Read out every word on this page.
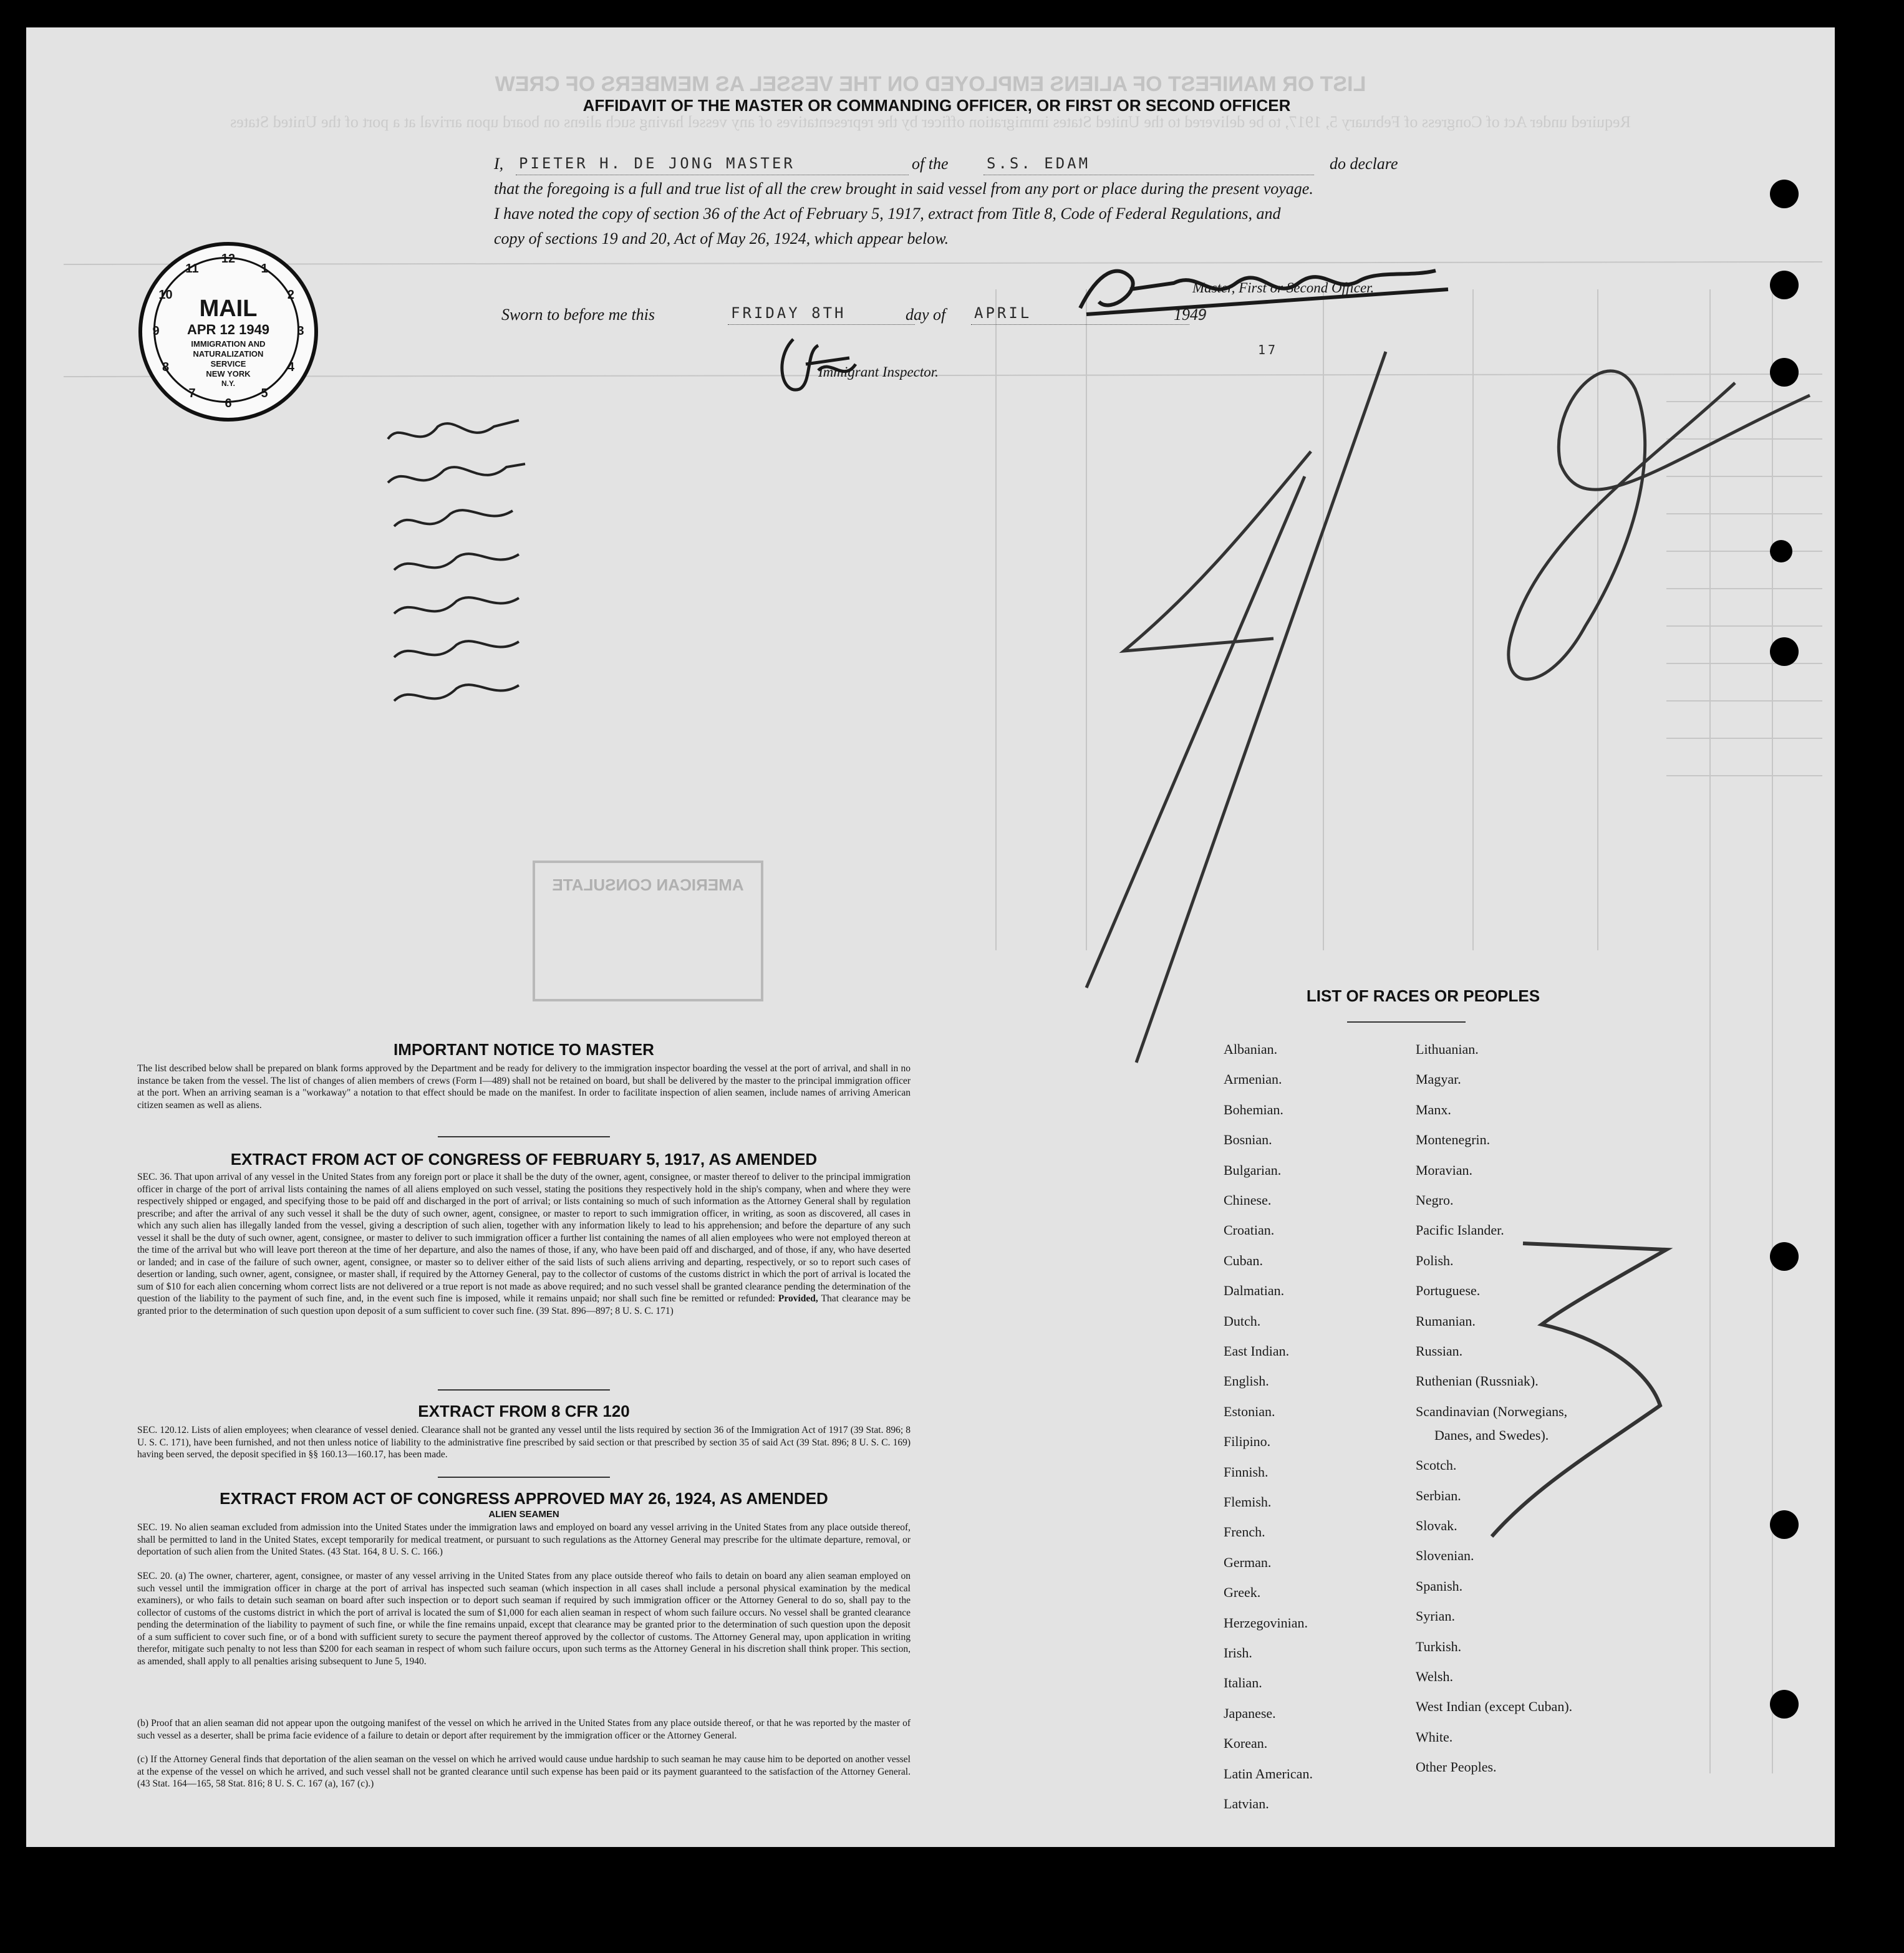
LIST OR MANIFEST OF ALIENS EMPLOYED ON THE VESSEL AS MEMBERS OF CREW
Required under Act of Congress of February 5, 1917, to be delivered to the United States immigration officer by the representatives of any vessel having such aliens on board upon arrival at a port of the United States
AFFIDAVIT OF THE MASTER OR COMMANDING OFFICER, OR FIRST OR SECOND OFFICER
I, PIETER H. DE JONG MASTER	of the	S.S. EDAM	do declare
that the foregoing is a full and true list of all the crew brought in said vessel from any port or place during the present voyage.
I have noted the copy of section 36 of the Act of February 5, 1917, extract from Title 8, Code of Federal Regulations, and
copy of sections 19 and 20, Act of May 26, 1924, which appear below.
Master, First or Second Officer.
Sworn to before me this	FRIDAY 8TH	day of APRIL	1949
Immigrant Inspector.
17
12
1
2
3
4
5
6
7
8
9
10
11
MAIL
APR 12 1949
IMMIGRATION AND
NATURALIZATION
SERVICE
NEW YORK
N.Y.
AMERICAN CONSULATE
IMPORTANT NOTICE TO MASTER
The list described below shall be prepared on blank forms approved by the Department and be ready for delivery to the immigration inspector boarding the vessel at the port of arrival, and shall in no instance be taken from the vessel. The list of changes of alien members of crews (Form I—489) shall not be retained on board, but shall be delivered by the master to the principal immigration officer at the port. When an arriving seaman is a "workaway" a notation to that effect should be made on the manifest. In order to facilitate inspection of alien seamen, include names of arriving American citizen seamen as well as aliens.
EXTRACT FROM ACT OF CONGRESS OF FEBRUARY 5, 1917, AS AMENDED
SEC. 36. That upon arrival of any vessel in the United States from any foreign port or place it shall be the duty of the owner, agent, consignee, or master thereof to deliver to the principal immigration officer in charge of the port of arrival lists containing the names of all aliens employed on such vessel, stating the positions they respectively hold in the ship's company, when and where they were respectively shipped or engaged, and specifying those to be paid off and discharged in the port of arrival; or lists containing so much of such information as the Attorney General shall by regulation prescribe; and after the arrival of any such vessel it shall be the duty of such owner, agent, consignee, or master to report to such immigration officer, in writing, as soon as discovered, all cases in which any such alien has illegally landed from the vessel, giving a description of such alien, together with any information likely to lead to his apprehension; and before the departure of any such vessel it shall be the duty of such owner, agent, consignee, or master to deliver to such immigration officer a further list containing the names of all alien employees who were not employed thereon at the time of the arrival but who will leave port thereon at the time of her departure, and also the names of those, if any, who have been paid off and discharged, and of those, if any, who have deserted or landed; and in case of the failure of such owner, agent, consignee, or master so to deliver either of the said lists of such aliens arriving and departing, respectively, or so to report such cases of desertion or landing, such owner, agent, consignee, or master shall, if required by the Attorney General, pay to the collector of customs of the customs district in which the port of arrival is located the sum of $10 for each alien concerning whom correct lists are not delivered or a true report is not made as above required; and no such vessel shall be granted clearance pending the determination of the question of the liability to the payment of such fine, and, in the event such fine is imposed, while it remains unpaid; nor shall such fine be remitted or refunded: Provided, That clearance may be granted prior to the determination of such question upon deposit of a sum sufficient to cover such fine. (39 Stat. 896—897; 8 U. S. C. 171)
EXTRACT FROM 8 CFR 120
SEC. 120.12. Lists of alien employees; when clearance of vessel denied. Clearance shall not be granted any vessel until the lists required by section 36 of the Immigration Act of 1917 (39 Stat. 896; 8 U. S. C. 171), have been furnished, and not then unless notice of liability to the administrative fine prescribed by said section or that prescribed by section 35 of said Act (39 Stat. 896; 8 U. S. C. 169) having been served, the deposit specified in §§ 160.13—160.17, has been made.
EXTRACT FROM ACT OF CONGRESS APPROVED MAY 26, 1924, AS AMENDED
ALIEN SEAMEN
SEC. 19. No alien seaman excluded from admission into the United States under the immigration laws and employed on board any vessel arriving in the United States from any place outside thereof, shall be permitted to land in the United States, except temporarily for medical treatment, or pursuant to such regulations as the Attorney General may prescribe for the ultimate departure, removal, or deportation of such alien from the United States. (43 Stat. 164, 8 U. S. C. 166.)
SEC. 20. (a) The owner, charterer, agent, consignee, or master of any vessel arriving in the United States from any place outside thereof who fails to detain on board any alien seaman employed on such vessel until the immigration officer in charge at the port of arrival has inspected such seaman (which inspection in all cases shall include a personal physical examination by the medical examiners), or who fails to detain such seaman on board after such inspection or to deport such seaman if required by such immigration officer or the Attorney General to do so, shall pay to the collector of customs of the customs district in which the port of arrival is located the sum of $1,000 for each alien seaman in respect of whom such failure occurs. No vessel shall be granted clearance pending the determination of the liability to payment of such fine, or while the fine remains unpaid, except that clearance may be granted prior to the determination of such question upon the deposit of a sum sufficient to cover such fine, or of a bond with sufficient surety to secure the payment thereof approved by the collector of customs. The Attorney General may, upon application in writing therefor, mitigate such penalty to not less than $200 for each seaman in respect of whom such failure occurs, upon such terms as the Attorney General in his discretion shall think proper. This section, as amended, shall apply to all penalties arising subsequent to June 5, 1940.
(b) Proof that an alien seaman did not appear upon the outgoing manifest of the vessel on which he arrived in the United States from any place outside thereof, or that he was reported by the master of such vessel as a deserter, shall be prima facie evidence of a failure to detain or deport after requirement by the immigration officer or the Attorney General.
(c) If the Attorney General finds that deportation of the alien seaman on the vessel on which he arrived would cause undue hardship to such seaman he may cause him to be deported on another vessel at the expense of the vessel on which he arrived, and such vessel shall not be granted clearance until such expense has been paid or its payment guaranteed to the satisfaction of the Attorney General. (43 Stat. 164—165, 58 Stat. 816; 8 U. S. C. 167 (a), 167 (c).)
LIST OF RACES OR PEOPLES
Albanian.
Armenian.
Bohemian.
Bosnian.
Bulgarian.
Chinese.
Croatian.
Cuban.
Dalmatian.
Dutch.
East Indian.
English.
Estonian.
Filipino.
Finnish.
Flemish.
French.
German.
Greek.
Herzegovinian.
Irish.
Italian.
Japanese.
Korean.
Latin American.
Latvian.
Lithuanian.
Magyar.
Manx.
Montenegrin.
Moravian.
Negro.
Pacific Islander.
Polish.
Portuguese.
Rumanian.
Russian.
Ruthenian (Russniak).
Scandinavian (Norwegians,
Danes, and Swedes).
Scotch.
Serbian.
Slovak.
Slovenian.
Spanish.
Syrian.
Turkish.
Welsh.
West Indian (except Cuban).
White.
Other Peoples.
